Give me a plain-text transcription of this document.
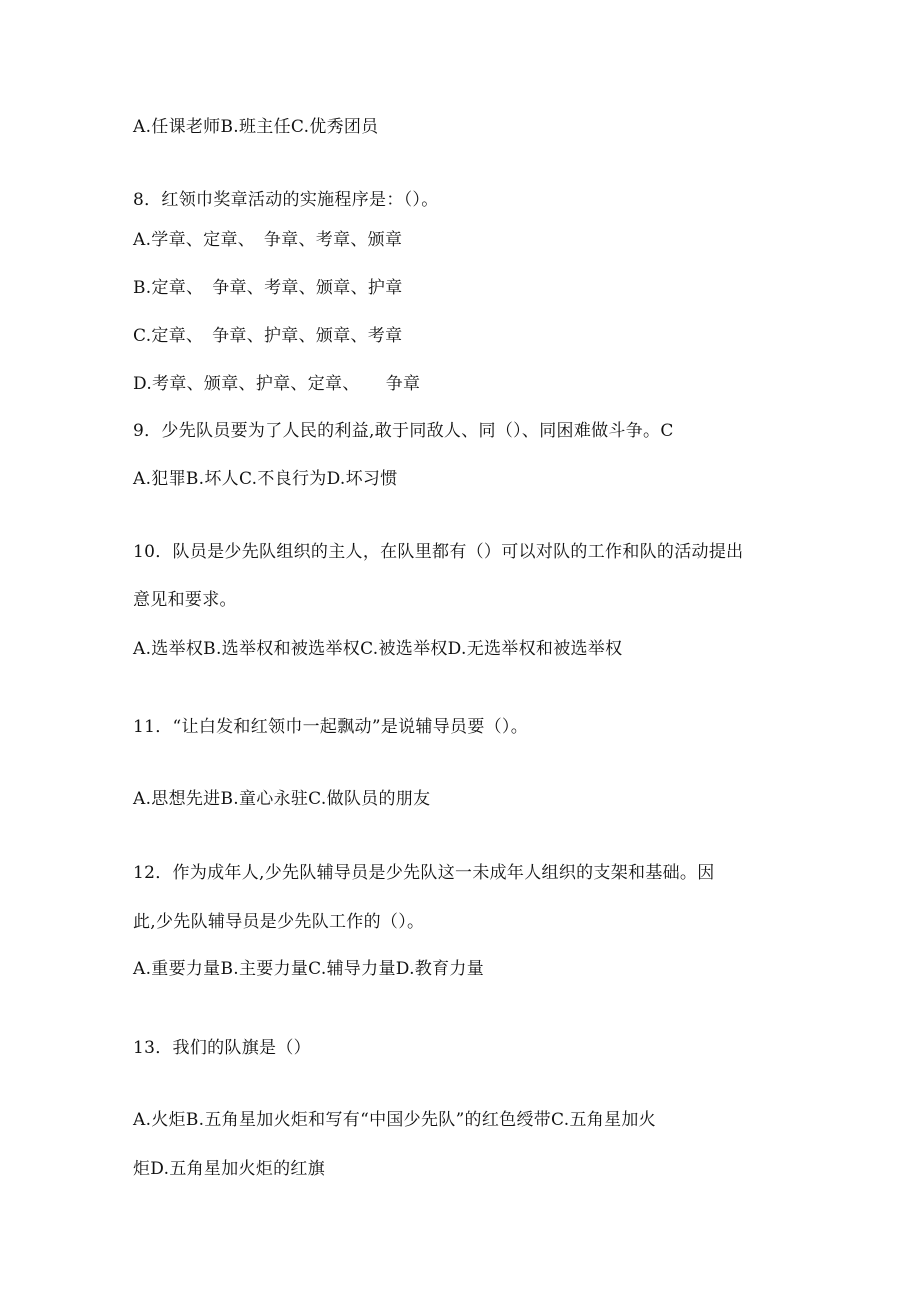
A.任课老师B.班主任C.优秀团员
8．红领巾奖章活动的实施程序是：（）。
A.学章、定章、　争章、考章、颁章
B.定章、　争章、考章、颁章、护章
C.定章、　争章、护章、颁章、考章
D.考章、颁章、护章、定章、　　争章
9．少先队员要为了人民的利益,敢于同敌人、同（）、同困难做斗争。C
A.犯罪B.坏人C.不良行为D.坏习惯
10．队员是少先队组织的主人，在队里都有（）可以对队的工作和队的活动提出
意见和要求。
A.选举权B.选举权和被选举权C.被选举权D.无选举权和被选举权
11．“让白发和红领巾一起飘动”是说辅导员要（）。
A.思想先进B.童心永驻C.做队员的朋友
12．作为成年人,少先队辅导员是少先队这一未成年人组织的支架和基础。因
此,少先队辅导员是少先队工作的（）。
A.重要力量B.主要力量C.辅导力量D.教育力量
13．我们的队旗是（）
A.火炬B.五角星加火炬和写有“中国少先队”的红色绶带C.五角星加火
炬D.五角星加火炬的红旗
